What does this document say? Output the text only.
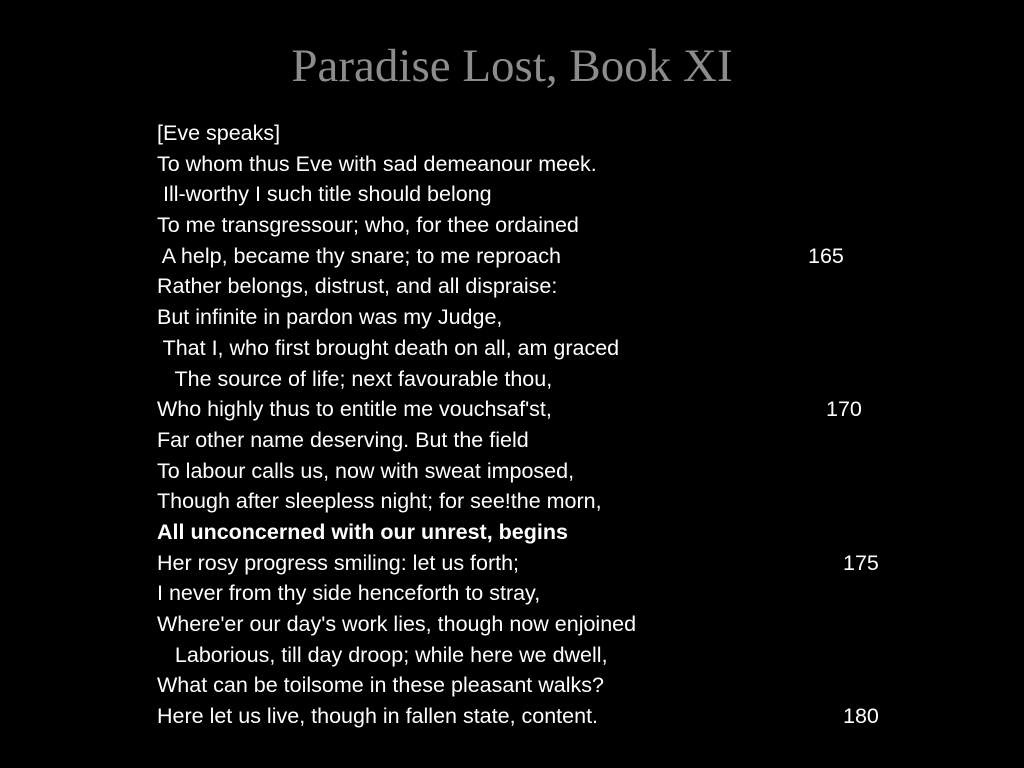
Paradise Lost, Book XI
[Eve speaks]
To whom thus Eve with sad demeanour meek.
Ill-worthy I such title should belong
To me transgressour; who, for thee ordained
A help, became thy snare; to me reproach	165
Rather belongs, distrust, and all dispraise:
But infinite in pardon was my Judge,
That I, who first brought death on all, am graced
The source of life; next favourable thou,
Who highly thus to entitle me vouchsaf'st,	170
Far other name deserving. But the field
To labour calls us, now with sweat imposed,
Though after sleepless night; for see!the morn,
All unconcerned with our unrest, begins
Her rosy progress smiling: let us forth;	175
I never from thy side henceforth to stray,
Where'er our day's work lies, though now enjoined
Laborious, till day droop; while here we dwell,
What can be toilsome in these pleasant walks?
Here let us live, though in fallen state, content.	180
